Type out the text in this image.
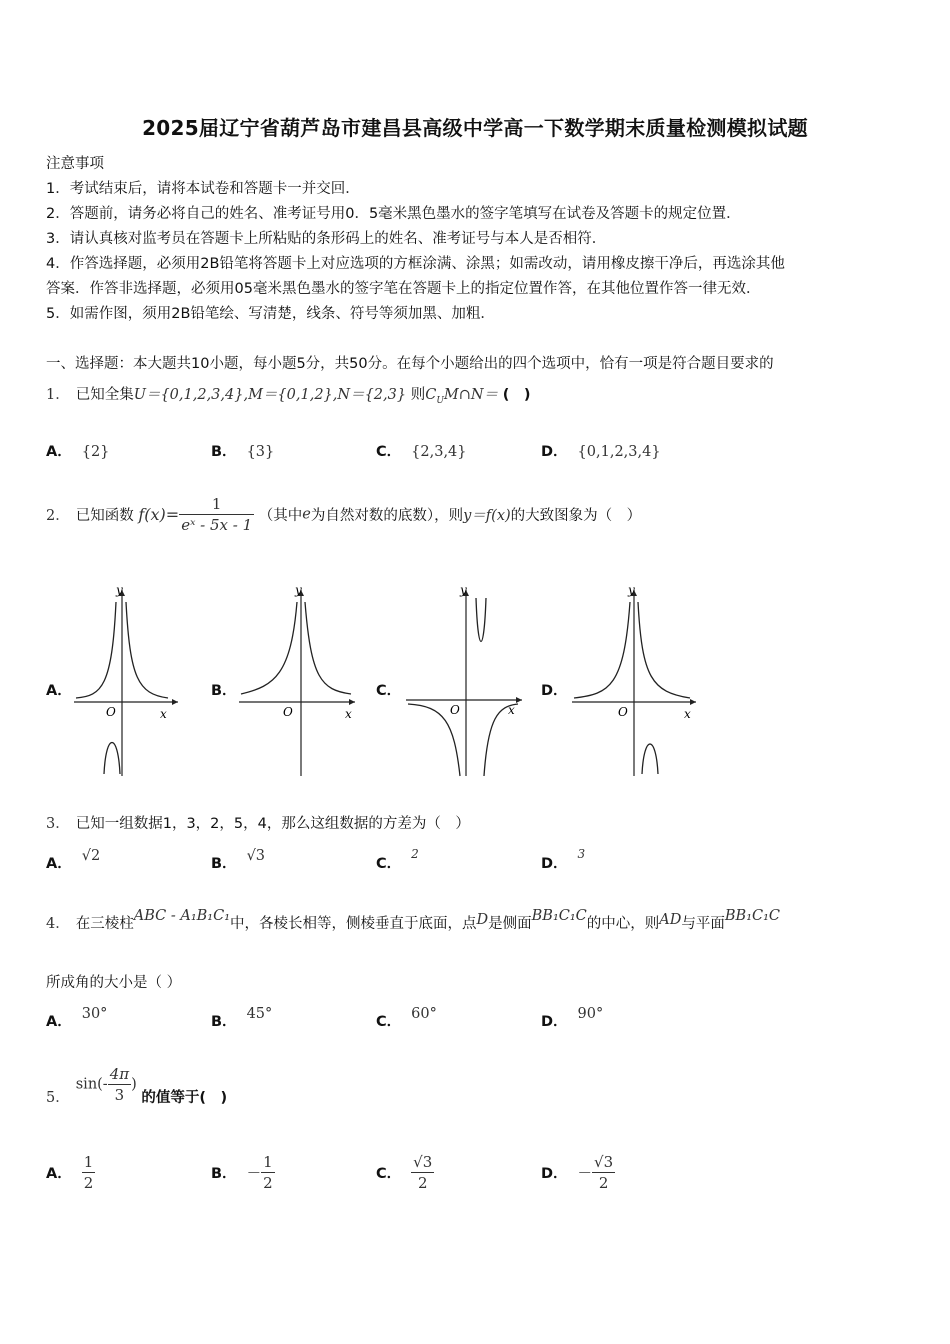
2025届辽宁省葫芦岛市建昌县高级中学高一下数学期末质量检测模拟试题
注意事项
1．考试结束后，请将本试卷和答题卡一并交回．
2．答题前，请务必将自己的姓名、准考证号用0．5毫米黑色墨水的签字笔填写在试卷及答题卡的规定位置．
3．请认真核对监考员在答题卡上所粘贴的条形码上的姓名、准考证号与本人是否相符．
4．作答选择题，必须用2B铅笔将答题卡上对应选项的方框涂满、涂黑；如需改动，请用橡皮擦干净后，再选涂其他
答案．作答非选择题，必须用05毫米黑色墨水的签字笔在答题卡上的指定位置作答，在其他位置作答一律无效．
5．如需作图，须用2B铅笔绘、写清楚，线条、符号等须加黑、加粗．
一、选择题：本大题共10小题，每小题5分，共50分。在每个小题给出的四个选项中，恰有一项是符合题目要求的
1． 已知全集U＝{0,1,2,3,4},M＝{0,1,2},N＝{2,3} 则$C_UM\cap N=$ (　)
A． {2}	B． {3}	C． {2,3,4}	D． {0,1,2,3,4}
2． 已知函数 $f(x)= \frac{1}{\text{eˣ - 5x - 1}}$ （其中e为自然对数的底数），则y＝f(x)的大致图象为（　）
A．	B．	C．	D．
y
x
O
y
x
O
y
x
O
y
x
O
3． 已知一组数据1，3，2，5，4，那么这组数据的方差为（　）
A． √2	B． √3	C．$^2$
D．$^3$
4． 在三棱柱ABC - A₁B₁C₁中，各棱长相等，侧棱垂直于底面，点D是侧面BB₁C₁C的中心，则AD与平面BB₁C₁C
所成角的大小是（ ）
A． 30°	B． 45°	C． 60°	D． 90°
5．$\sin(- \frac{4\pi}{3}$ ) 的值等于(　)
A． $\frac{1}{2}$	B． － $\frac{1}{2}$	C． $\frac{√3}{2}$	D． － $\frac{√3}{2}$
